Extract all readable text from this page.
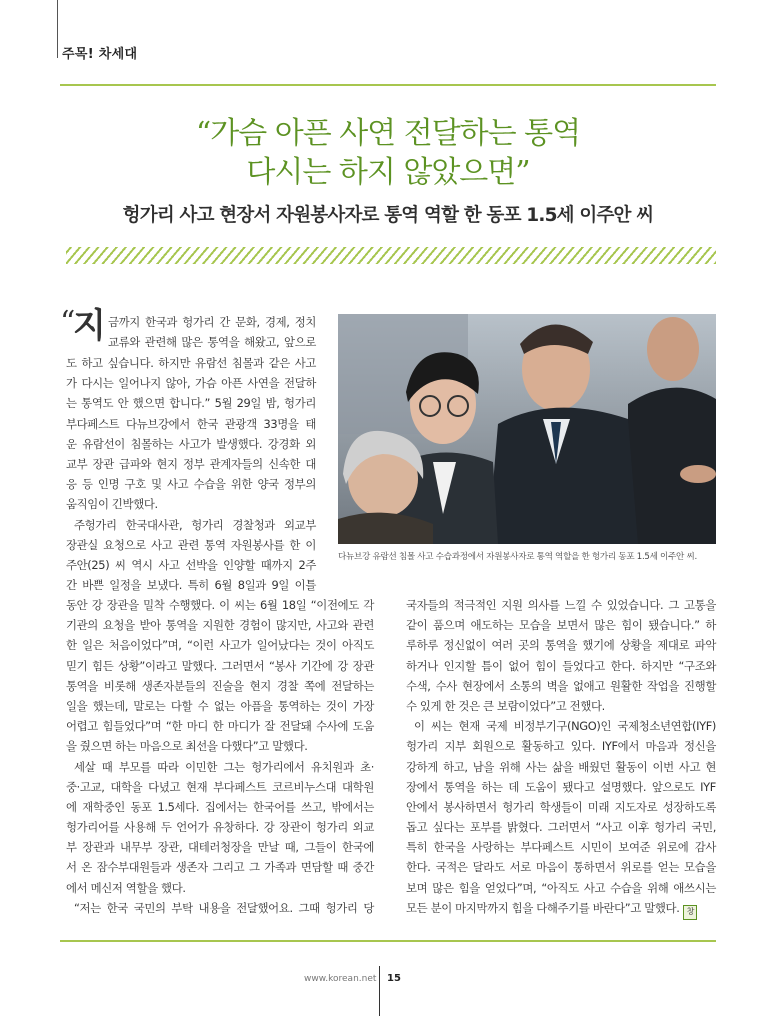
주목! 차세대
“가슴 아픈 사연 전달하는 통역
다시는 하지 않았으면”
헝가리 사고 현장서 자원봉사자로 통역 역할 한 동포 1.5세 이주안 씨
“
지 금까지 한국과 헝가리 간 문화, 경제, 정치
교류와 관련해 많은 통역을 해왔고, 앞으로
도 하고 싶습니다. 하지만 유람선 침몰과 같은 사고
가 다시는 일어나지 않아, 가슴 아픈 사연을 전달하
는 통역도 안 했으면 합니다.” 5월 29일 밤, 헝가리
부다페스트 다뉴브강에서 한국 관광객 33명을 태
운 유람선이 침몰하는 사고가 발생했다. 강경화 외
교부 장관 급파와 현지 정부 관계자들의 신속한 대
응 등 인명 구호 및 사고 수습을 위한 양국 정부의
움직임이 긴박했다.
주헝가리 한국대사관, 헝가리 경찰청과 외교부
장관실 요청으로 사고 관련 통역 자원봉사를 한 이
주안(25) 씨 역시 사고 선박을 인양할 때까지 2주
간 바쁜 일정을 보냈다. 특히 6월 8일과 9일 이틀
다뉴브강 유람선 침몰 사고 수습과정에서 자원봉사자로 통역 역할을 한 헝가리 동포 1.5세 이주안 씨.
동안 강 장관을 밀착 수행했다. 이 씨는 6월 18일 “이전에도 각
기관의 요청을 받아 통역을 지원한 경험이 많지만, 사고와 관련
한 일은 처음이었다”며, “이런 사고가 일어났다는 것이 아직도
믿기 힘든 상황”이라고 말했다. 그러면서 “봉사 기간에 강 장관
통역을 비롯해 생존자분들의 진술을 현지 경찰 쪽에 전달하는
일을 했는데, 말로는 다할 수 없는 아픔을 통역하는 것이 가장
어렵고 힘들었다”며 “한 마디 한 마디가 잘 전달돼 수사에 도움
을 줬으면 하는 마음으로 최선을 다했다”고 말했다.
세살 때 부모를 따라 이민한 그는 헝가리에서 유치원과 초·
중·고교, 대학을 다녔고 현재 부다페스트 코르비누스대 대학원
에 재학중인 동포 1.5세다. 집에서는 한국어를 쓰고, 밖에서는
헝가리어를 사용해 두 언어가 유창하다. 강 장관이 헝가리 외교
부 장관과 내무부 장관, 대테러청장을 만날 때, 그들이 한국에
서 온 잠수부대원들과 생존자 그리고 그 가족과 면담할 때 중간
에서 메신저 역할을 했다.
“저는 한국 국민의 부탁 내용을 전달했어요. 그때 헝가리 당
국자들의 적극적인 지원 의사를 느낄 수 있었습니다. 그 고통을
같이 품으며 애도하는 모습을 보면서 많은 힘이 됐습니다.” 하
루하루 정신없이 여러 곳의 통역을 했기에 상황을 제대로 파악
하거나 인지할 틈이 없어 힘이 들었다고 한다. 하지만 “구조와
수색, 수사 현장에서 소통의 벽을 없애고 원활한 작업을 진행할
수 있게 한 것은 큰 보람이었다”고 전했다.
이 씨는 현재 국제 비정부기구(NGO)인 국제청소년연합(IYF)
헝가리 지부 회원으로 활동하고 있다. IYF에서 마음과 정신을
강하게 하고, 남을 위해 사는 삶을 배웠던 활동이 이번 사고 현
장에서 통역을 하는 데 도움이 됐다고 설명했다. 앞으로도 IYF
안에서 봉사하면서 헝가리 학생들이 미래 지도자로 성장하도록
돕고 싶다는 포부를 밝혔다. 그러면서 “사고 이후 헝가리 국민,
특히 한국을 사랑하는 부다페스트 시민이 보여준 위로에 감사
한다. 국적은 달라도 서로 마음이 통하면서 위로를 얻는 모습을
보며 많은 힘을 얻었다”며, “아직도 사고 수습을 위해 애쓰시는
모든 분이 마지막까지 힘을 다해주기를 바란다”고 말했다. 창
www.korean.net 15
